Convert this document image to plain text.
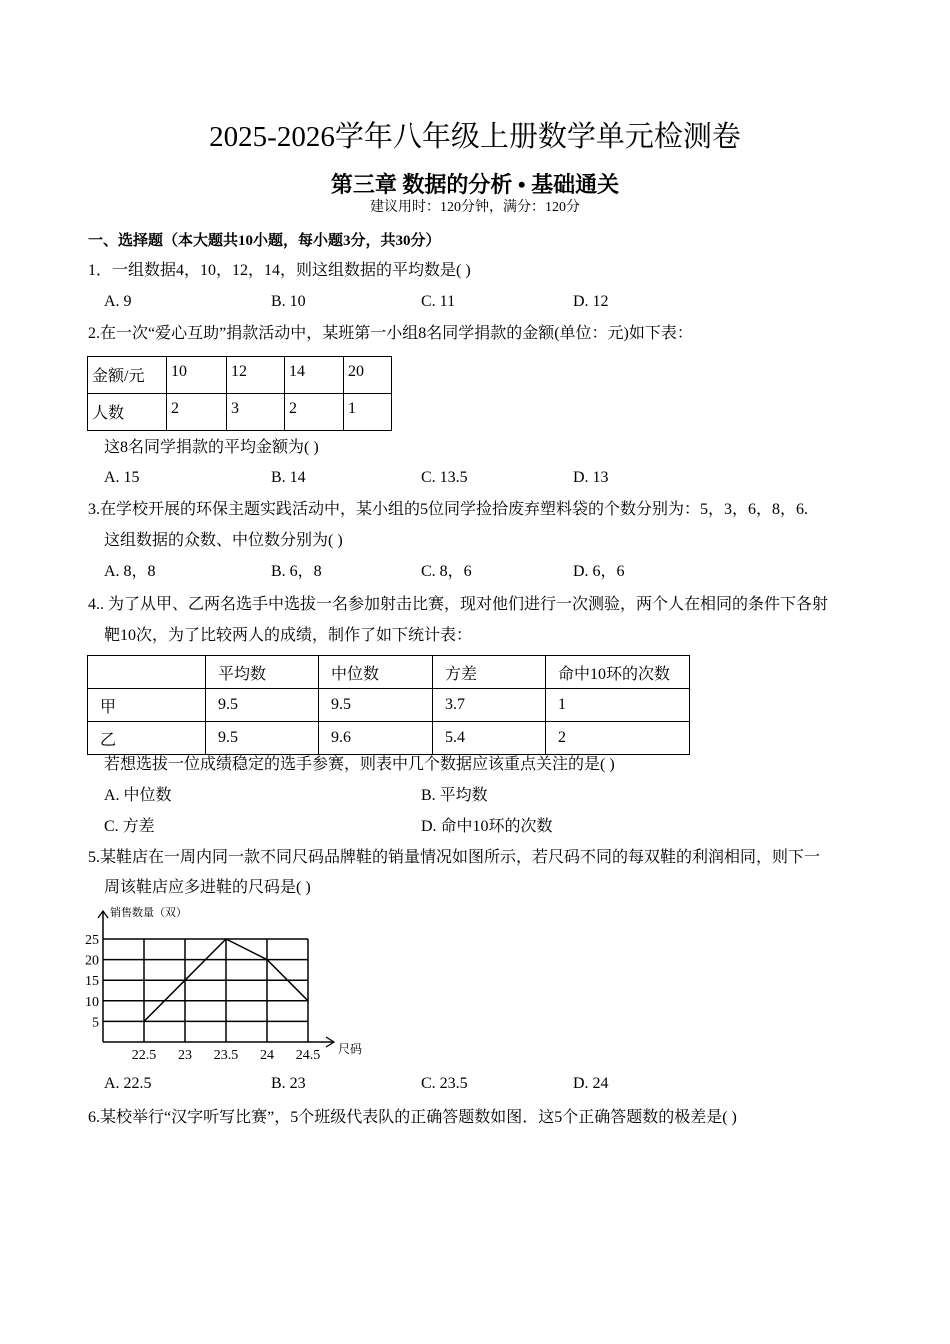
2025-2026学年八年级上册数学单元检测卷
第三章 数据的分析 • 基础通关
建议用时：120分钟，满分：120分
一、选择题（本大题共10小题，每小题3分，共30分）
1．一组数据4，10，12，14，则这组数据的平均数是( )
A. 9	B. 10	C. 11	D. 12
2.在一次“爱心互助”捐款活动中，某班第一小组8名同学捐款的金额(单位：元)如下表：
金额/元	10	12	14	20
人数	2	3	2	1
这8名同学捐款的平均金额为( )
A. 15	B. 14	C. 13.5	D. 13
3.在学校开展的环保主题实践活动中，某小组的5位同学捡拾废弃塑料袋的个数分别为：5，3，6，8，6.
这组数据的众数、中位数分别为( )
A. 8，8	B. 6，8	C. 8，6	D. 6，6
4.. 为了从甲、乙两名选手中选拔一名参加射击比赛，现对他们进行一次测验，两个人在相同的条件下各射
靶10次，为了比较两人的成绩，制作了如下统计表：
	平均数	中位数	方差	命中10环的次数
甲	9.5	9.5	3.7	1
乙	9.5	9.6	5.4	2
若想选拔一位成绩稳定的选手参赛，则表中几个数据应该重点关注的是( )
A. 中位数	B. 平均数
C. 方差	D. 命中10环的次数
5.某鞋店在一周内同一款不同尺码品牌鞋的销量情况如图所示，若尺码不同的每双鞋的利润相同，则下一
周该鞋店应多进鞋的尺码是( )
5
10
15
20
25
22.5 23 23.5 24 24.5
销售数量（双）
尺码
A. 22.5	B. 23	C. 23.5	D. 24
6.某校举行“汉字听写比赛”，5个班级代表队的正确答题数如图．这5个正确答题数的极差是( )
